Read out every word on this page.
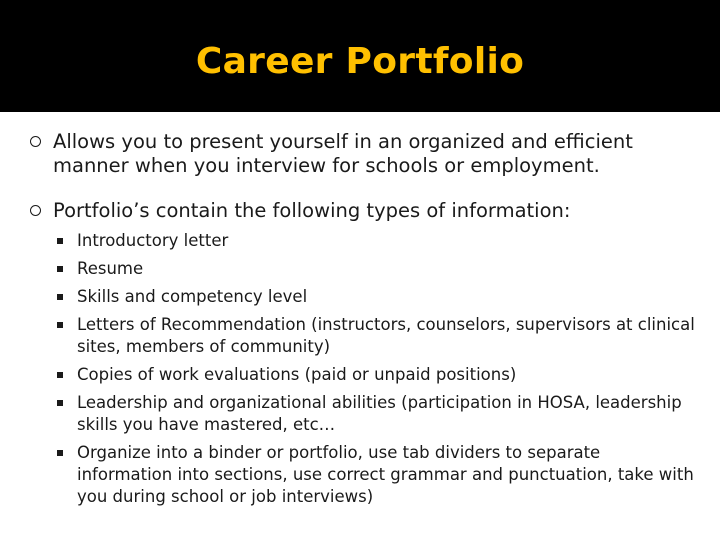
Career Portfolio
Allows you to present yourself in an organized and efficient manner when you interview for schools or employment.
Portfolio’s contain the following types of information:
Introductory letter
Resume
Skills and competency level
Letters of Recommendation (instructors, counselors, supervisors at clinical sites, members of community)
Copies of work evaluations (paid or unpaid positions)
Leadership and organizational abilities (participation in HOSA, leadership skills you have mastered, etc…
Organize into a binder or portfolio, use tab dividers to separate information into sections, use correct grammar and punctuation, take with you during school or job interviews)
